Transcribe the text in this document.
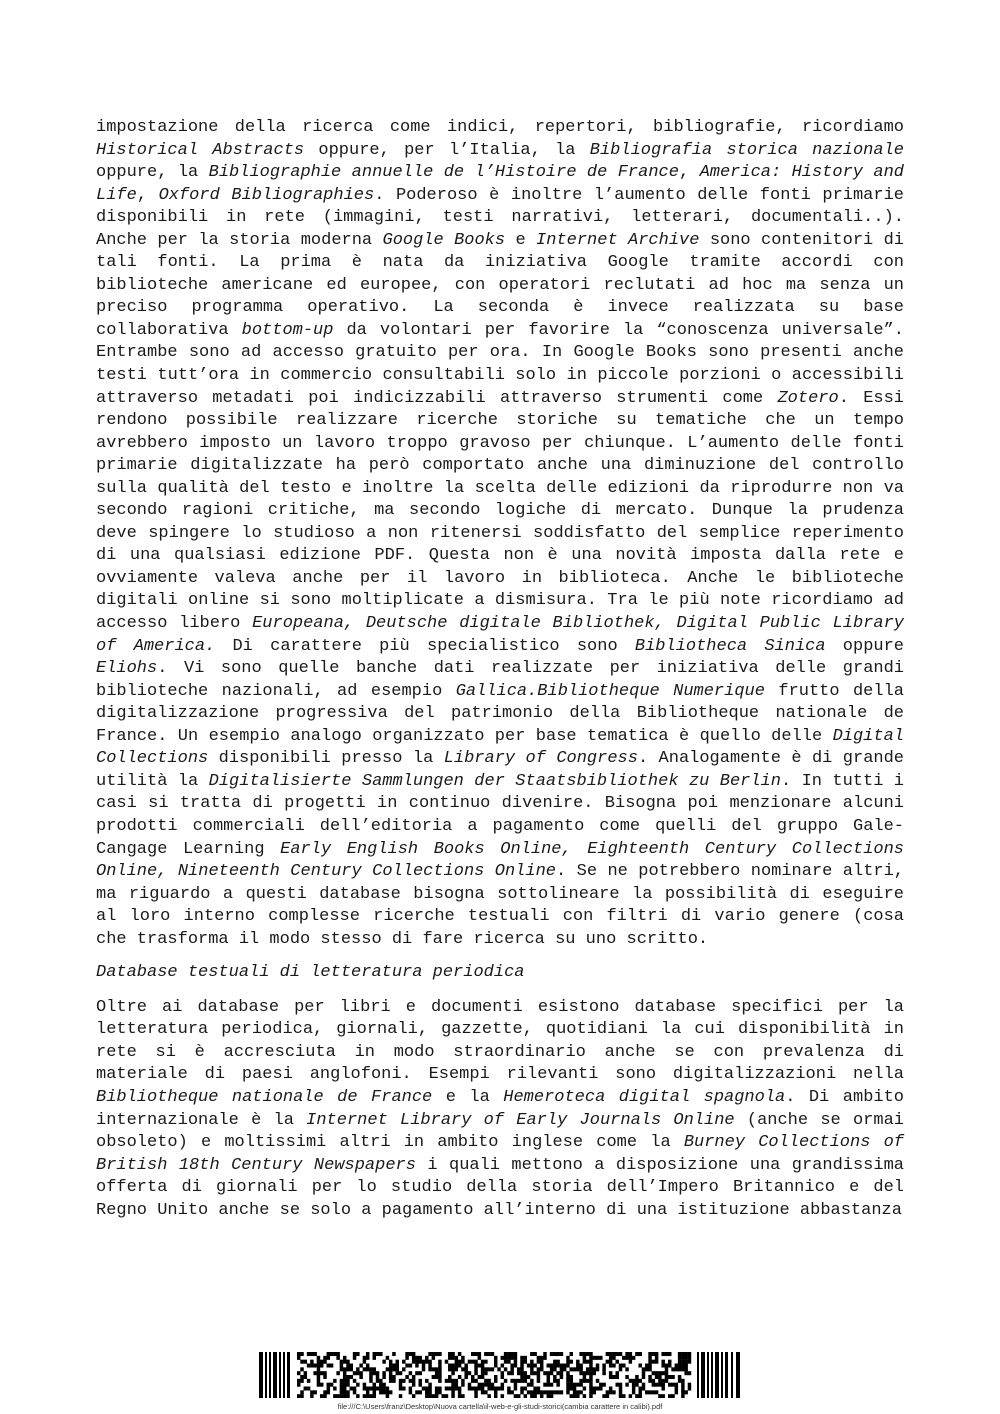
impostazione della ricerca come indici, repertori, bibliografie, ricordiamo Historical Abstracts oppure, per l’Italia, la Bibliografia storica nazionale oppure, la Bibliographie annuelle de l’Histoire de France, America: History and Life, Oxford Bibliographies. Poderoso è inoltre l’aumento delle fonti primarie disponibili in rete (immagini, testi narrativi, letterari, documentali..). Anche per la storia moderna Google Books e Internet Archive sono contenitori di tali fonti. La prima è nata da iniziativa Google tramite accordi con biblioteche americane ed europee, con operatori reclutati ad hoc ma senza un preciso programma operativo. La seconda è invece realizzata su base collaborativa bottom-up da volontari per favorire la “conoscenza universale”. Entrambe sono ad accesso gratuito per ora. In Google Books sono presenti anche testi tutt’ora in commercio consultabili solo in piccole porzioni o accessibili attraverso metadati poi indicizzabili attraverso strumenti come Zotero. Essi rendono possibile realizzare ricerche storiche su tematiche che un tempo avrebbero imposto un lavoro troppo gravoso per chiunque. L’aumento delle fonti primarie digitalizzate ha però comportato anche una diminuzione del controllo sulla qualità del testo e inoltre la scelta delle edizioni da riprodurre non va secondo ragioni critiche, ma secondo logiche di mercato. Dunque la prudenza deve spingere lo studioso a non ritenersi soddisfatto del semplice reperimento di una qualsiasi edizione PDF. Questa non è una novità imposta dalla rete e ovviamente valeva anche per il lavoro in biblioteca. Anche le biblioteche digitali online si sono moltiplicate a dismisura. Tra le più note ricordiamo ad accesso libero Europeana, Deutsche digitale Bibliothek, Digital Public Library of America. Di carattere più specialistico sono Bibliotheca Sinica oppure Eliohs. Vi sono quelle banche dati realizzate per iniziativa delle grandi biblioteche nazionali, ad esempio Gallica.Bibliotheque Numerique frutto della digitalizzazione progressiva del patrimonio della Bibliotheque nationale de France. Un esempio analogo organizzato per base tematica è quello delle Digital Collections disponibili presso la Library of Congress. Analogamente è di grande utilità la Digitalisierte Sammlungen der Staatsbibliothek zu Berlin. In tutti i casi si tratta di progetti in continuo divenire. Bisogna poi menzionare alcuni prodotti commerciali dell’editoria a pagamento come quelli del gruppo Gale-Cangage Learning Early English Books Online, Eighteenth Century Collections Online, Nineteenth Century Collections Online. Se ne potrebbero nominare altri, ma riguardo a questi database bisogna sottolineare la possibilità di eseguire al loro interno complesse ricerche testuali con filtri di vario genere (cosa che trasforma il modo stesso di fare ricerca su uno scritto.

Database testuali di letteratura periodica

Oltre ai database per libri e documenti esistono database specifici per la letteratura periodica, giornali, gazzette, quotidiani la cui disponibilità in rete si è accresciuta in modo straordinario anche se con prevalenza di materiale di paesi anglofoni. Esempi rilevanti sono digitalizzazioni nella Bibliotheque nationale de France e la Hemeroteca digital spagnola. Di ambito internazionale è la Internet Library of Early Journals Online (anche se ormai obsoleto) e moltissimi altri in ambito inglese come la Burney Collections of British 18th Century Newspapers i quali mettono a disposizione una grandissima offerta di giornali per lo studio della storia dell’Impero Britannico e del Regno Unito anche se solo a pagamento all’interno di una istituzione abbastanza

file:///C:\Users\franz\Desktop\Nuova cartella\il-web-e-gli-studi-storici(cambia carattere in calibi).pdf
